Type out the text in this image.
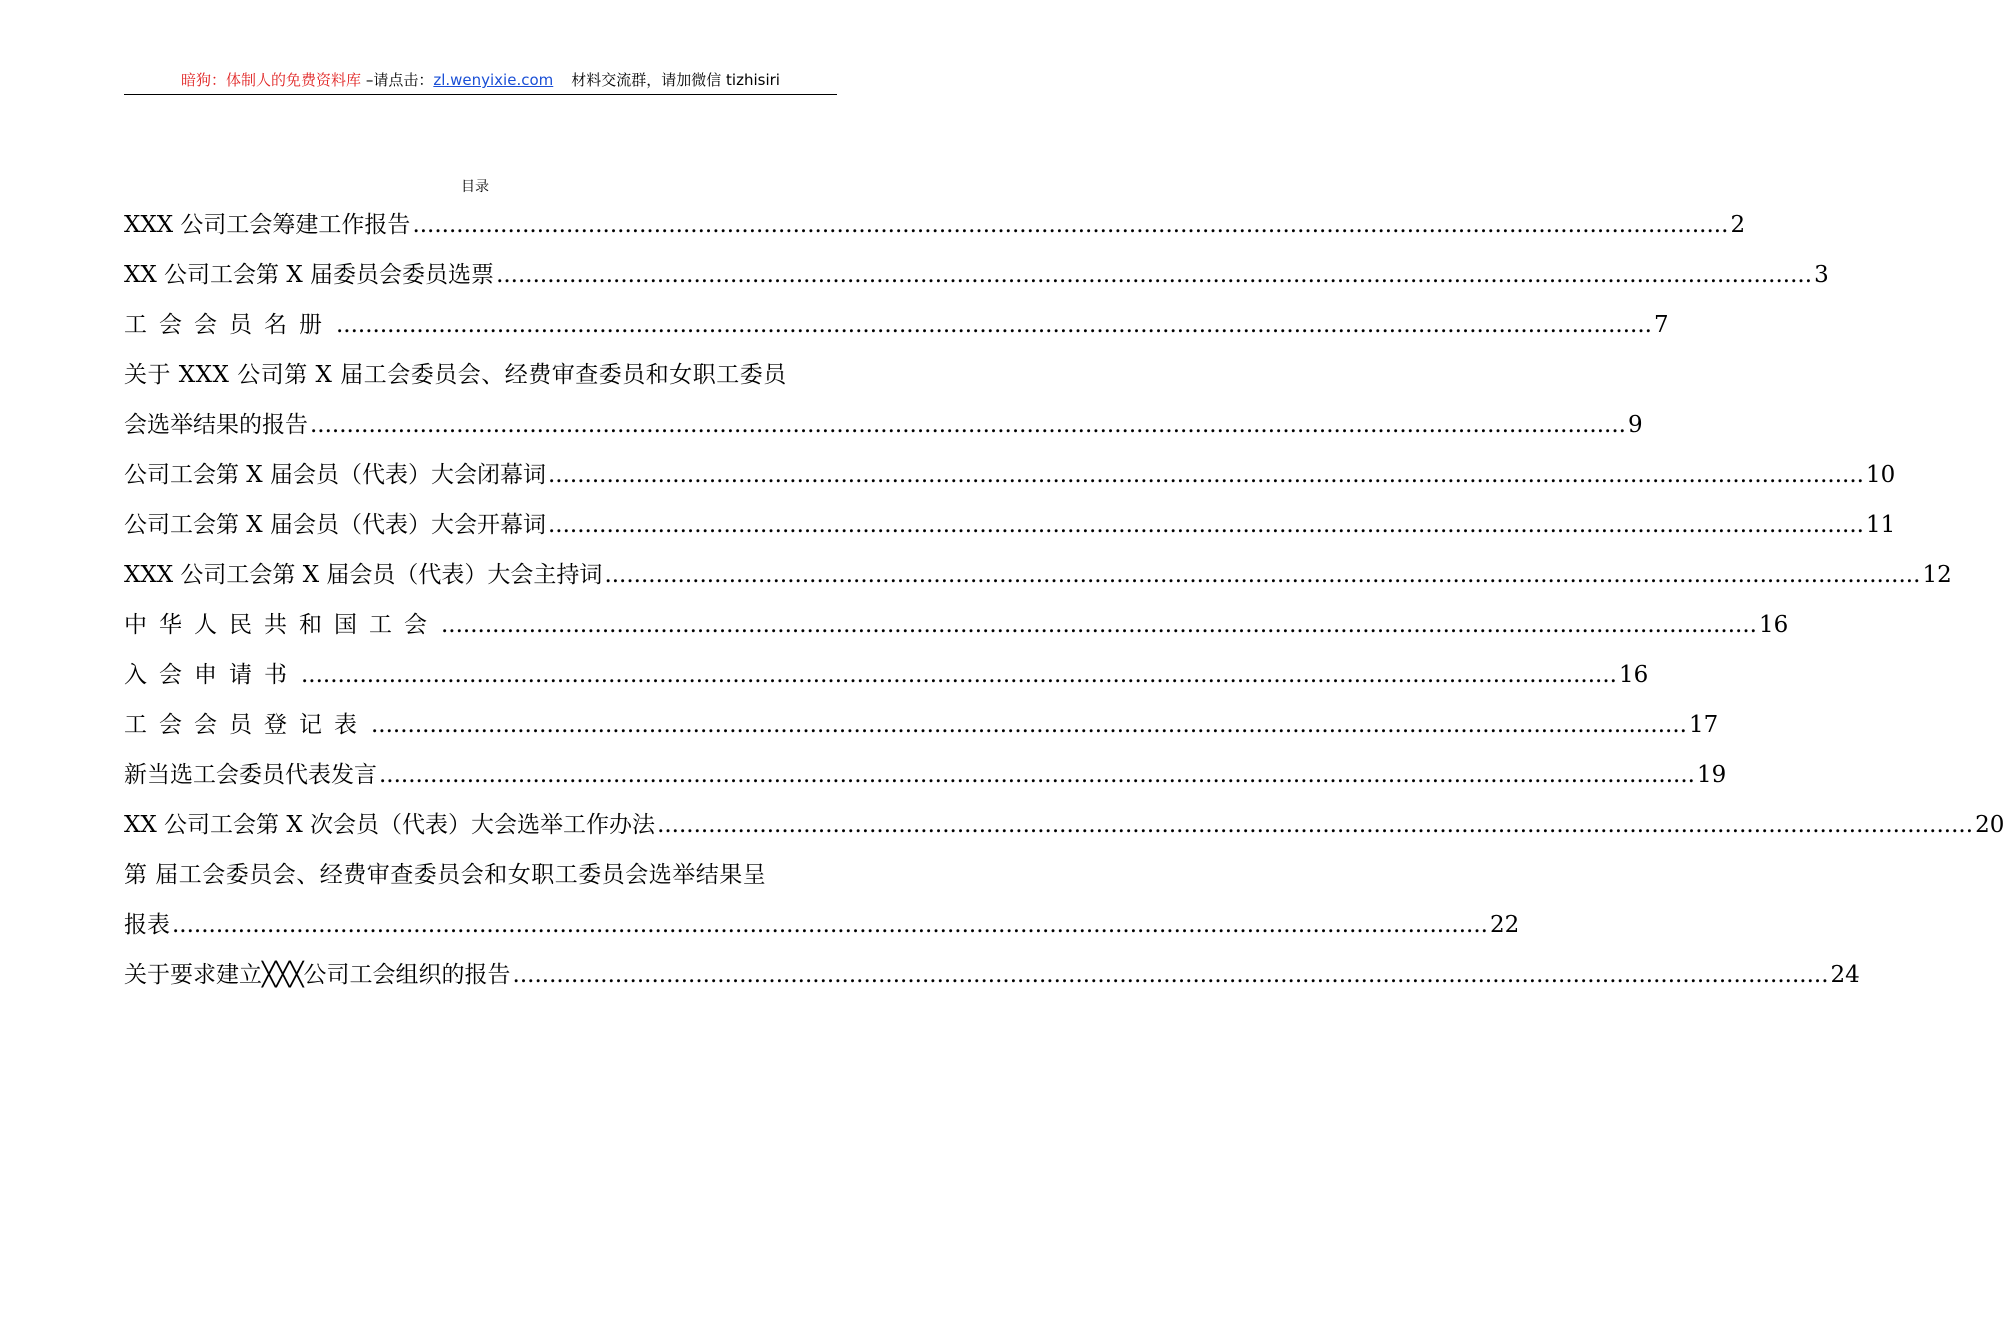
暗狗：体制人的免费资料库 –请点击：zl.wenyixie.com 材料交流群，请加微信 tizhisiri
目录
XXX 公司工会筹建工作报告 .................................................................................................................................................................................... 2
XX 公司工会第 X 届委员会委员选票 .................................................................................................................................................................................... 3
工会会员名册 .................................................................................................................................................................................... 7
关于 XXX 公司第 X 届工会委员会、经费审查委员和女职工委员
会选举结果的报告 .................................................................................................................................................................................... 9
公司工会第 X 届会员（代表）大会闭幕词 .................................................................................................................................................................................... 10
公司工会第 X 届会员（代表）大会开幕词 .................................................................................................................................................................................... 11
XXX 公司工会第 X 届会员（代表）大会主持词 .................................................................................................................................................................................... 12
中华人民共和国工会 .................................................................................................................................................................................... 16
入会申请书 .................................................................................................................................................................................... 16
工会会员登记表 .................................................................................................................................................................................... 17
新当选工会委员代表发言 .................................................................................................................................................................................... 19
XX 公司工会第 X 次会员（代表）大会选举工作办法 .................................................................................................................................................................................... 20
第 届工会委员会、经费审查委员会和女职工委员会选举结果呈
报表 .................................................................................................................................................................................... 22
关于要求建立╳╳╳公司工会组织的报告 .................................................................................................................................................................................... 24
